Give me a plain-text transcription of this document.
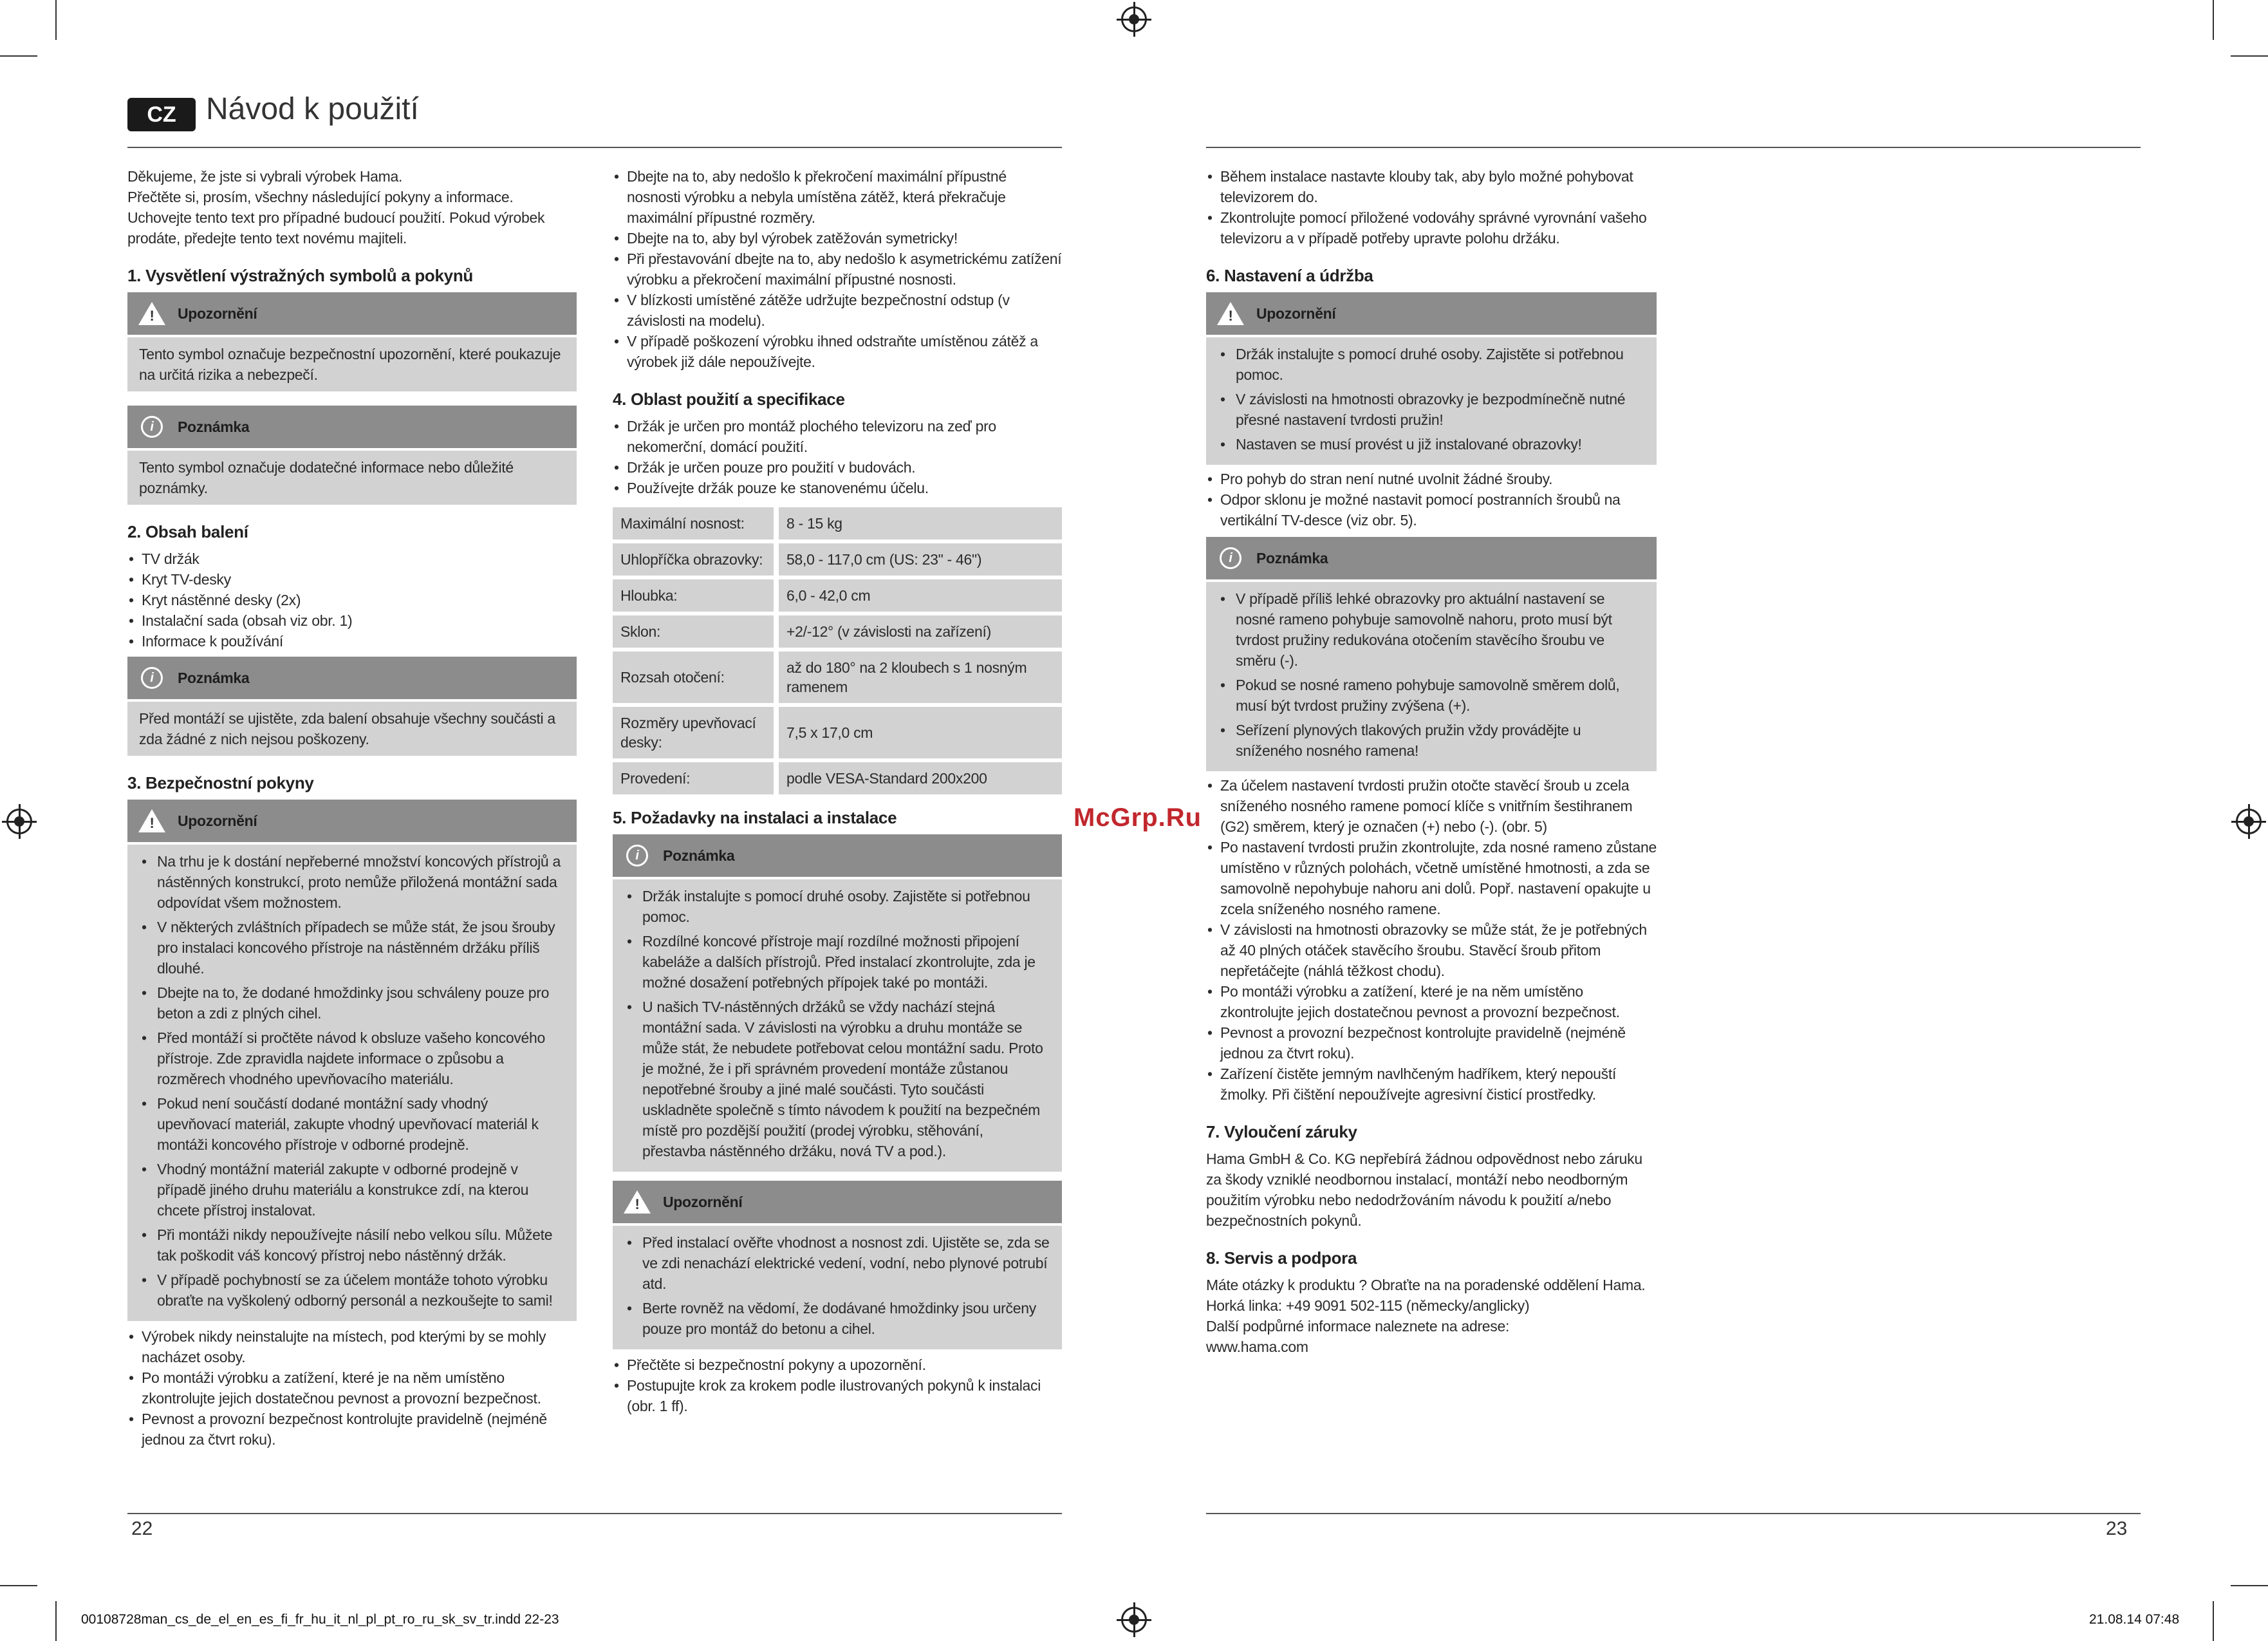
CZ Návod k použití

Děkujeme, že jste si vybrali výrobek Hama.

Přečtěte si, prosím, všechny následující pokyny a informace. Uchovejte tento text pro případné budoucí použití. Pokud výrobek prodáte, předejte tento text novému majiteli.

1. Vysvětlení výstražných symbolů a pokynů
! Upozornění
Tento symbol označuje bezpečnostní upozornění, které poukazuje na určitá rizika a nebezpečí.
i	Poznámka
Tento symbol označuje dodatečné informace nebo důležité poznámky.
2. Obsah balení
• TV držák
• Kryt TV-desky
• Kryt nástěnné desky (2x)
• Instalační sada (obsah viz obr. 1)
• Informace k používání
i	Poznámka
Před montáží se ujistěte, zda balení obsahuje všechny součásti a zda žádné z nich nejsou poškozeny.
3. Bezpečnostní pokyny
! Upozornění
• Na trhu je k dostání nepřeberné množství koncových přístrojů a nástěnných konstrukcí, proto nemůže přiložená montážní sada odpovídat všem možnostem.
• V některých zvláštních případech se může stát, že jsou šrouby pro instalaci koncového přístroje na nástěnném držáku příliš dlouhé.
• Dbejte na to, že dodané hmoždinky jsou schváleny pouze pro beton a zdi z plných cihel.
• Před montáží si pročtěte návod k obsluze vašeho koncového přístroje. Zde zpravidla najdete informace o způsobu a rozměrech vhodného upevňovacího materiálu.
• Pokud není součástí dodané montážní sady vhodný upevňovací materiál, zakupte vhodný upevňovací materiál k montáži koncového přístroje v odborné prodejně.
• Vhodný montážní materiál zakupte v odborné prodejně v případě jiného druhu materiálu a konstrukce zdí, na kterou chcete přístroj instalovat.
• Při montáži nikdy nepoužívejte násilí nebo velkou sílu. Můžete tak poškodit váš koncový přístroj nebo nástěnný držák.
• V případě pochybností se za účelem montáže tohoto výrobku obraťte na vyškolený odborný personál a nezkoušejte to sami!
• Výrobek nikdy neinstalujte na místech, pod kterými by se mohly nacházet osoby.
• Po montáži výrobku a zatížení, které je na něm umístěno zkontrolujte jejich dostatečnou pevnost a provozní bezpečnost.
• Pevnost a provozní bezpečnost kontrolujte pravidelně (nejméně jednou za čtvrt roku).
• Dbejte na to, aby nedošlo k překročení maximální přípustné nosnosti výrobku a nebyla umístěna zátěž, která překračuje maximální přípustné rozměry.
• Dbejte na to, aby byl výrobek zatěžován symetricky!
• Při přestavování dbejte na to, aby nedošlo k asymetrickému zatížení výrobku a překročení maximální přípustné nosnosti.
• V blízkosti umístěné zátěže udržujte bezpečnostní odstup (v závislosti na modelu).
• V případě poškození výrobku ihned odstraňte umístěnou zátěž a výrobek již dále nepoužívejte.
4. Oblast použití a specifikace
• Držák je určen pro montáž plochého televizoru na zeď pro nekomerční, domácí použití.
• Držák je určen pouze pro použití v budovách.
• Používejte držák pouze ke stanovenému účelu.
Maximální nosnost:	8 - 15 kg
Uhlopříčka obrazovky:	58,0 - 117,0 cm (US: 23" - 46")
Hloubka:	6,0 - 42,0 cm
Sklon:	+2/-12° (v závislosti na zařízení)
Rozsah otočení:	až do 180° na 2 kloubech s 1 nosným ramenem
Rozměry upevňovací desky:	7,5 x 17,0 cm
Provedení:	podle VESA-Standard 200x200
5. Požadavky na instalaci a instalace
i	Poznámka
• Držák instalujte s pomocí druhé osoby. Zajistěte si potřebnou pomoc.
• Rozdílné koncové přístroje mají rozdílné možnosti připojení kabeláže a dalších přístrojů. Před instalací zkontrolujte, zda je možné dosažení potřebných přípojek také po montáži.
• U našich TV-nástěnných držáků se vždy nachází stejná montážní sada. V závislosti na výrobku a druhu montáže se může stát, že nebudete potřebovat celou montážní sadu. Proto je možné, že i při správném provedení montáže zůstanou nepotřebné šrouby a jiné malé součásti. Tyto součásti uskladněte společně s tímto návodem k použití na bezpečném místě pro pozdější použití (prodej výrobku, stěhování, přestavba nástěnného držáku, nová TV a pod.).
! Upozornění
• Před instalací ověřte vhodnost a nosnost zdi. Ujistěte se, zda se ve zdi nenachází elektrické vedení, vodní, nebo plynové potrubí atd.
• Berte rovněž na vědomí, že dodávané hmoždinky jsou určeny pouze pro montáž do betonu a cihel.
• Přečtěte si bezpečnostní pokyny a upozornění.
• Postupujte krok za krokem podle ilustrovaných pokynů k instalaci (obr. 1 ff).
• Během instalace nastavte klouby tak, aby bylo možné pohybovat televizorem do.
• Zkontrolujte pomocí přiložené vodováhy správné vyrovnání vašeho televizoru a v případě potřeby upravte polohu držáku.
6. Nastavení a údržba
! Upozornění
• Držák instalujte s pomocí druhé osoby. Zajistěte si potřebnou pomoc.
• V závislosti na hmotnosti obrazovky je bezpodmínečně nutné přesné nastavení tvrdosti pružin!
• Nastaven se musí provést u již instalované obrazovky!
• Pro pohyb do stran není nutné uvolnit žádné šrouby.
• Odpor sklonu je možné nastavit pomocí postranních šroubů na vertikální TV-desce (viz obr. 5).
i	Poznámka
• V případě příliš lehké obrazovky pro aktuální nastavení se nosné rameno pohybuje samovolně nahoru, proto musí být tvrdost pružiny redukována otočením stavěcího šroubu ve směru (-).
• Pokud se nosné rameno pohybuje samovolně směrem dolů, musí být tvrdost pružiny zvýšena (+).
• Seřízení plynových tlakových pružin vždy provádějte u sníženého nosného ramena!
• Za účelem nastavení tvrdosti pružin otočte stavěcí šroub u zcela sníženého nosného ramene pomocí klíče s vnitřním šestihranem (G2) směrem, který je označen (+) nebo (-). (obr. 5)
• Po nastavení tvrdosti pružin zkontrolujte, zda nosné rameno zůstane umístěno v různých polohách, včetně umístěné hmotnosti, a zda se samovolně nepohybuje nahoru ani dolů. Popř. nastavení opakujte u zcela sníženého nosného ramene.
• V závislosti na hmotnosti obrazovky se může stát, že je potřebných až 40 plných otáček stavěcího šroubu. Stavěcí šroub přitom nepřetáčejte (náhlá těžkost chodu).
• Po montáži výrobku a zatížení, které je na něm umístěno zkontrolujte jejich dostatečnou pevnost a provozní bezpečnost.
• Pevnost a provozní bezpečnost kontrolujte pravidelně (nejméně jednou za čtvrt roku).
• Zařízení čistěte jemným navlhčeným hadříkem, který nepouští žmolky. Při čištění nepoužívejte agresivní čisticí prostředky.
7. Vyloučení záruky

Hama GmbH & Co. KG nepřebírá žádnou odpovědnost nebo záruku za škody vzniklé neodbornou instalací, montáží nebo neodborným použitím výrobku nebo nedodržováním návodu k použití a/nebo bezpečnostních pokynů.

8. Servis a podpora

Máte otázky k produktu ? Obraťte na na poradenské oddělení Hama.

Horká linka: +49 9091 502-115 (německy/anglicky)

Další podpůrné informace naleznete na adrese:

www.hama.com

McGrp.Ru
22	23
00108728man_cs_de_el_en_es_fi_fr_hu_it_nl_pl_pt_ro_ru_sk_sv_tr.indd 22-23	21.08.14 07:48
